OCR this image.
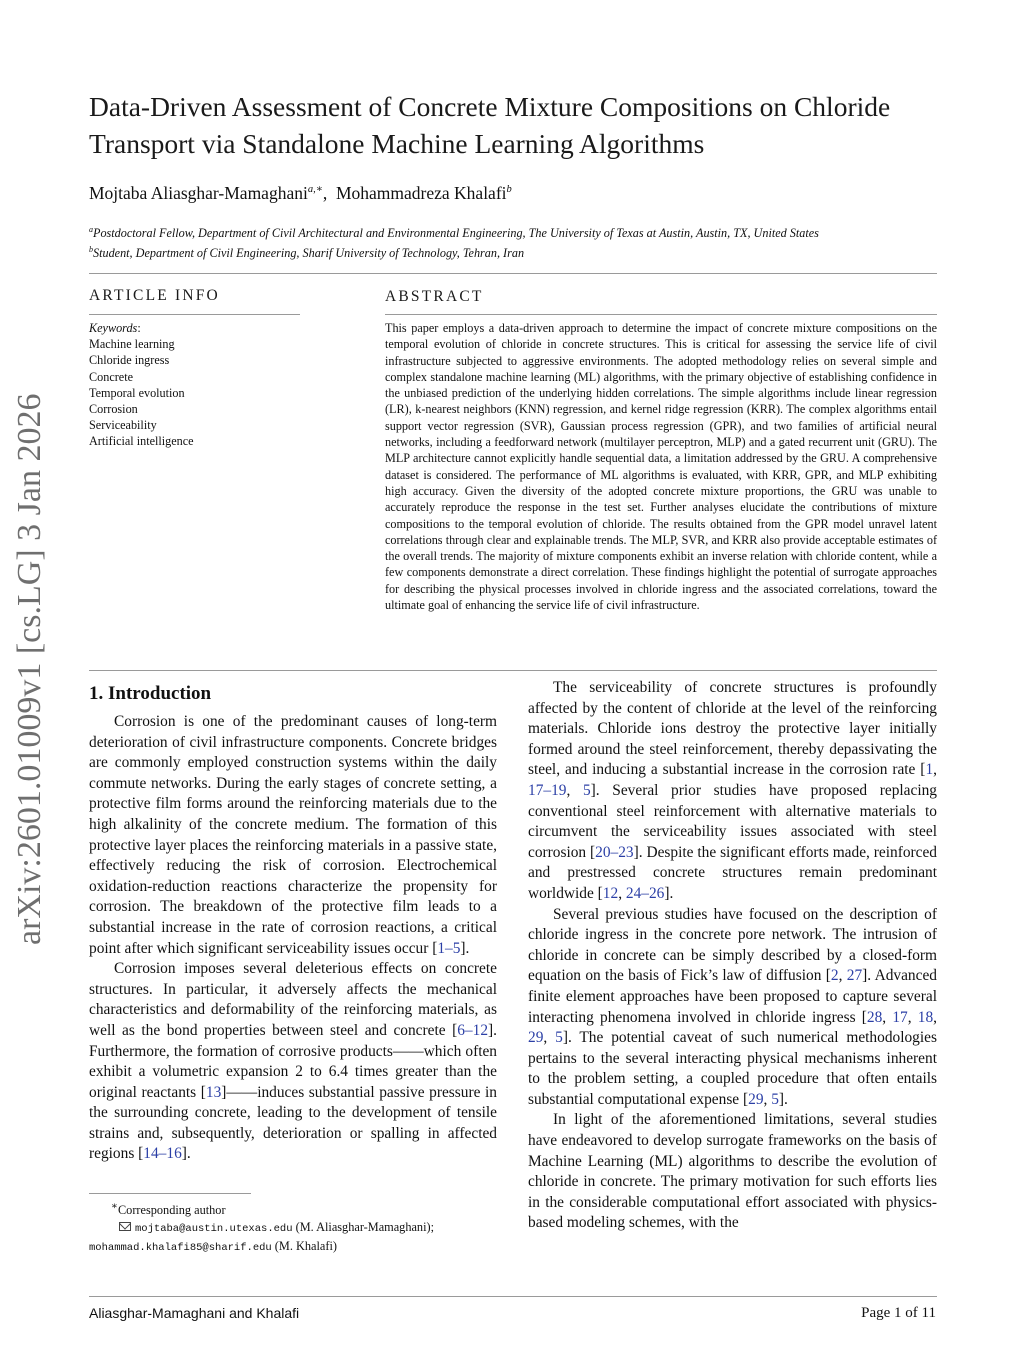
arXiv:2601.01009v1 [cs.LG] 3 Jan 2026
Data-Driven Assessment of Concrete Mixture Compositions on Chloride Transport via Standalone Machine Learning Algorithms
Mojtaba Aliasghar-Mamaghani$^{a,∗}$,  Mohammadreza Khalafi$^b$
$^a$Postdoctoral Fellow, Department of Civil Architectural and Environmental Engineering, The University of Texas at Austin, Austin, TX, United States
$^b$Student, Department of Civil Engineering, Sharif University of Technology, Tehran, Iran
ARTICLE INFO
Keywords:
Machine learning
Chloride ingress
Concrete
Temporal evolution
Corrosion
Serviceability
Artificial intelligence
ABSTRACT

This paper employs a data-driven approach to determine the impact of concrete mixture compositions on the temporal evolution of chloride in concrete structures. This is critical for assessing the service life of civil infrastructure subjected to aggressive environments. The adopted methodology relies on several simple and complex standalone machine learning (ML) algorithms, with the primary objective of establishing confidence in the unbiased prediction of the underlying hidden correlations. The simple algorithms include linear regression (LR), k-nearest neighbors (KNN) regression, and kernel ridge regression (KRR). The complex algorithms entail support vector regression (SVR), Gaussian process regression (GPR), and two families of artificial neural networks, including a feedforward network (multilayer perceptron, MLP) and a gated recurrent unit (GRU). The MLP architecture cannot explicitly handle sequential data, a limitation addressed by the GRU. A comprehensive dataset is considered. The performance of ML algorithms is evaluated, with KRR, GPR, and MLP exhibiting high accuracy. Given the diversity of the adopted concrete mixture proportions, the GRU was unable to accurately reproduce the response in the test set. Further analyses elucidate the contributions of mixture compositions to the temporal evolution of chloride. The results obtained from the GPR model unravel latent correlations through clear and explainable trends. The MLP, SVR, and KRR also provide acceptable estimates of the overall trends. The majority of mixture components exhibit an inverse relation with chloride content, while a few components demonstrate a direct correlation. These findings highlight the potential of surrogate approaches for describing the physical processes involved in chloride ingress and the associated correlations, toward the ultimate goal of enhancing the service life of civil infrastructure.

1. Introduction

Corrosion is one of the predominant causes of long-term deterioration of civil infrastructure components. Concrete bridges are commonly employed construction systems within the daily commute networks. During the early stages of concrete setting, a protective film forms around the reinforcing materials due to the high alkalinity of the concrete medium. The formation of this protective layer places the reinforcing materials in a passive state, effectively reducing the risk of corrosion. Electrochemical oxidation-reduction reactions characterize the propensity for corrosion. The breakdown of the protective film leads to a substantial increase in the rate of corrosion reactions, a critical point after which significant serviceability issues occur [1–5].

Corrosion imposes several deleterious effects on concrete structures. In particular, it adversely affects the mechanical characteristics and deformability of the reinforcing materials, as well as the bond properties between steel and concrete [6–12]. Furthermore, the formation of corrosive products——which often exhibit a volumetric expansion 2 to 6.4 times greater than the original reactants [13]——induces substantial passive pressure in the surrounding concrete, leading to the development of tensile strains and, subsequently, deterioration or spalling in affected regions [14–16].

∗Corresponding author
mojtaba@austin.utexas.edu (M. Aliasghar-Mamaghani);
mohammad.khalafi85@sharif.edu (M. Khalafi)

The serviceability of concrete structures is profoundly affected by the content of chloride at the level of the reinforcing materials. Chloride ions destroy the protective layer initially formed around the steel reinforcement, thereby depassivating the steel, and inducing a substantial increase in the corrosion rate [1, 17–19, 5]. Several prior studies have proposed replacing conventional steel reinforcement with alternative materials to circumvent the serviceability issues associated with steel corrosion [20–23]. Despite the significant efforts made, reinforced and prestressed concrete structures remain predominant worldwide [12, 24–26].

Several previous studies have focused on the description of chloride ingress in the concrete pore network. The intrusion of chloride in concrete can be simply described by a closed-form equation on the basis of Fick’s law of diffusion [2, 27]. Advanced finite element approaches have been proposed to capture several interacting phenomena involved in chloride ingress [28, 17, 18, 29, 5]. The potential caveat of such numerical methodologies pertains to the several interacting physical mechanisms inherent to the problem setting, a coupled procedure that often entails substantial computational expense [29, 5].

In light of the aforementioned limitations, several studies have endeavored to develop surrogate frameworks on the basis of Machine Learning (ML) algorithms to describe the evolution of chloride in concrete. The primary motivation for such efforts lies in the considerable computational effort associated with physics-based modeling schemes, with the

Aliasghar-Mamaghani and Khalafi	Page 1 of 11
